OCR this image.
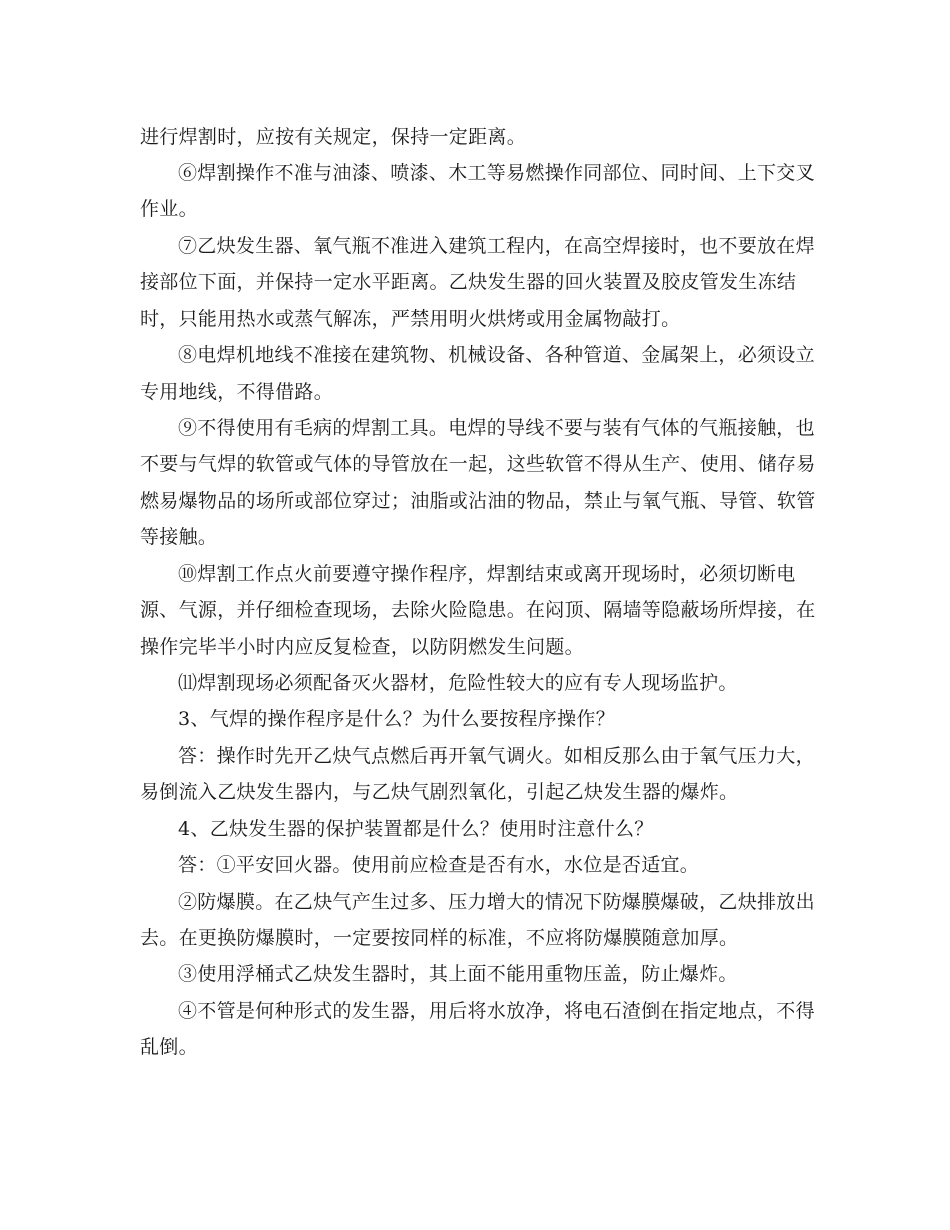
进行焊割时，应按有关规定，保持一定距离。
⑥焊割操作不准与油漆、喷漆、木工等易燃操作同部位、同时间、上下交叉
作业。
⑦乙炔发生器、氧气瓶不准进入建筑工程内，在高空焊接时，也不要放在焊
接部位下面，并保持一定水平距离。乙炔发生器的回火装置及胶皮管发生冻结
时，只能用热水或蒸气解冻，严禁用明火烘烤或用金属物敲打。
⑧电焊机地线不准接在建筑物、机械设备、各种管道、金属架上，必须设立
专用地线，不得借路。
⑨不得使用有毛病的焊割工具。电焊的导线不要与装有气体的气瓶接触，也
不要与气焊的软管或气体的导管放在一起，这些软管不得从生产、使用、储存易
燃易爆物品的场所或部位穿过；油脂或沾油的物品，禁止与氧气瓶、导管、软管
等接触。
⑩焊割工作点火前要遵守操作程序，焊割结束或离开现场时，必须切断电
源、气源，并仔细检查现场，去除火险隐患。在闷顶、隔墙等隐蔽场所焊接，在
操作完毕半小时内应反复检查，以防阴燃发生问题。
⑾焊割现场必须配备灭火器材，危险性较大的应有专人现场监护。
3、气焊的操作程序是什么？为什么要按程序操作？
答：操作时先开乙炔气点燃后再开氧气调火。如相反那么由于氧气压力大，
易倒流入乙炔发生器内，与乙炔气剧烈氧化，引起乙炔发生器的爆炸。
4、乙炔发生器的保护装置都是什么？使用时注意什么？
答：①平安回火器。使用前应检查是否有水，水位是否适宜。
②防爆膜。在乙炔气产生过多、压力增大的情况下防爆膜爆破，乙炔排放出
去。在更换防爆膜时，一定要按同样的标准，不应将防爆膜随意加厚。
③使用浮桶式乙炔发生器时，其上面不能用重物压盖，防止爆炸。
④不管是何种形式的发生器，用后将水放净，将电石渣倒在指定地点，不得
乱倒。
